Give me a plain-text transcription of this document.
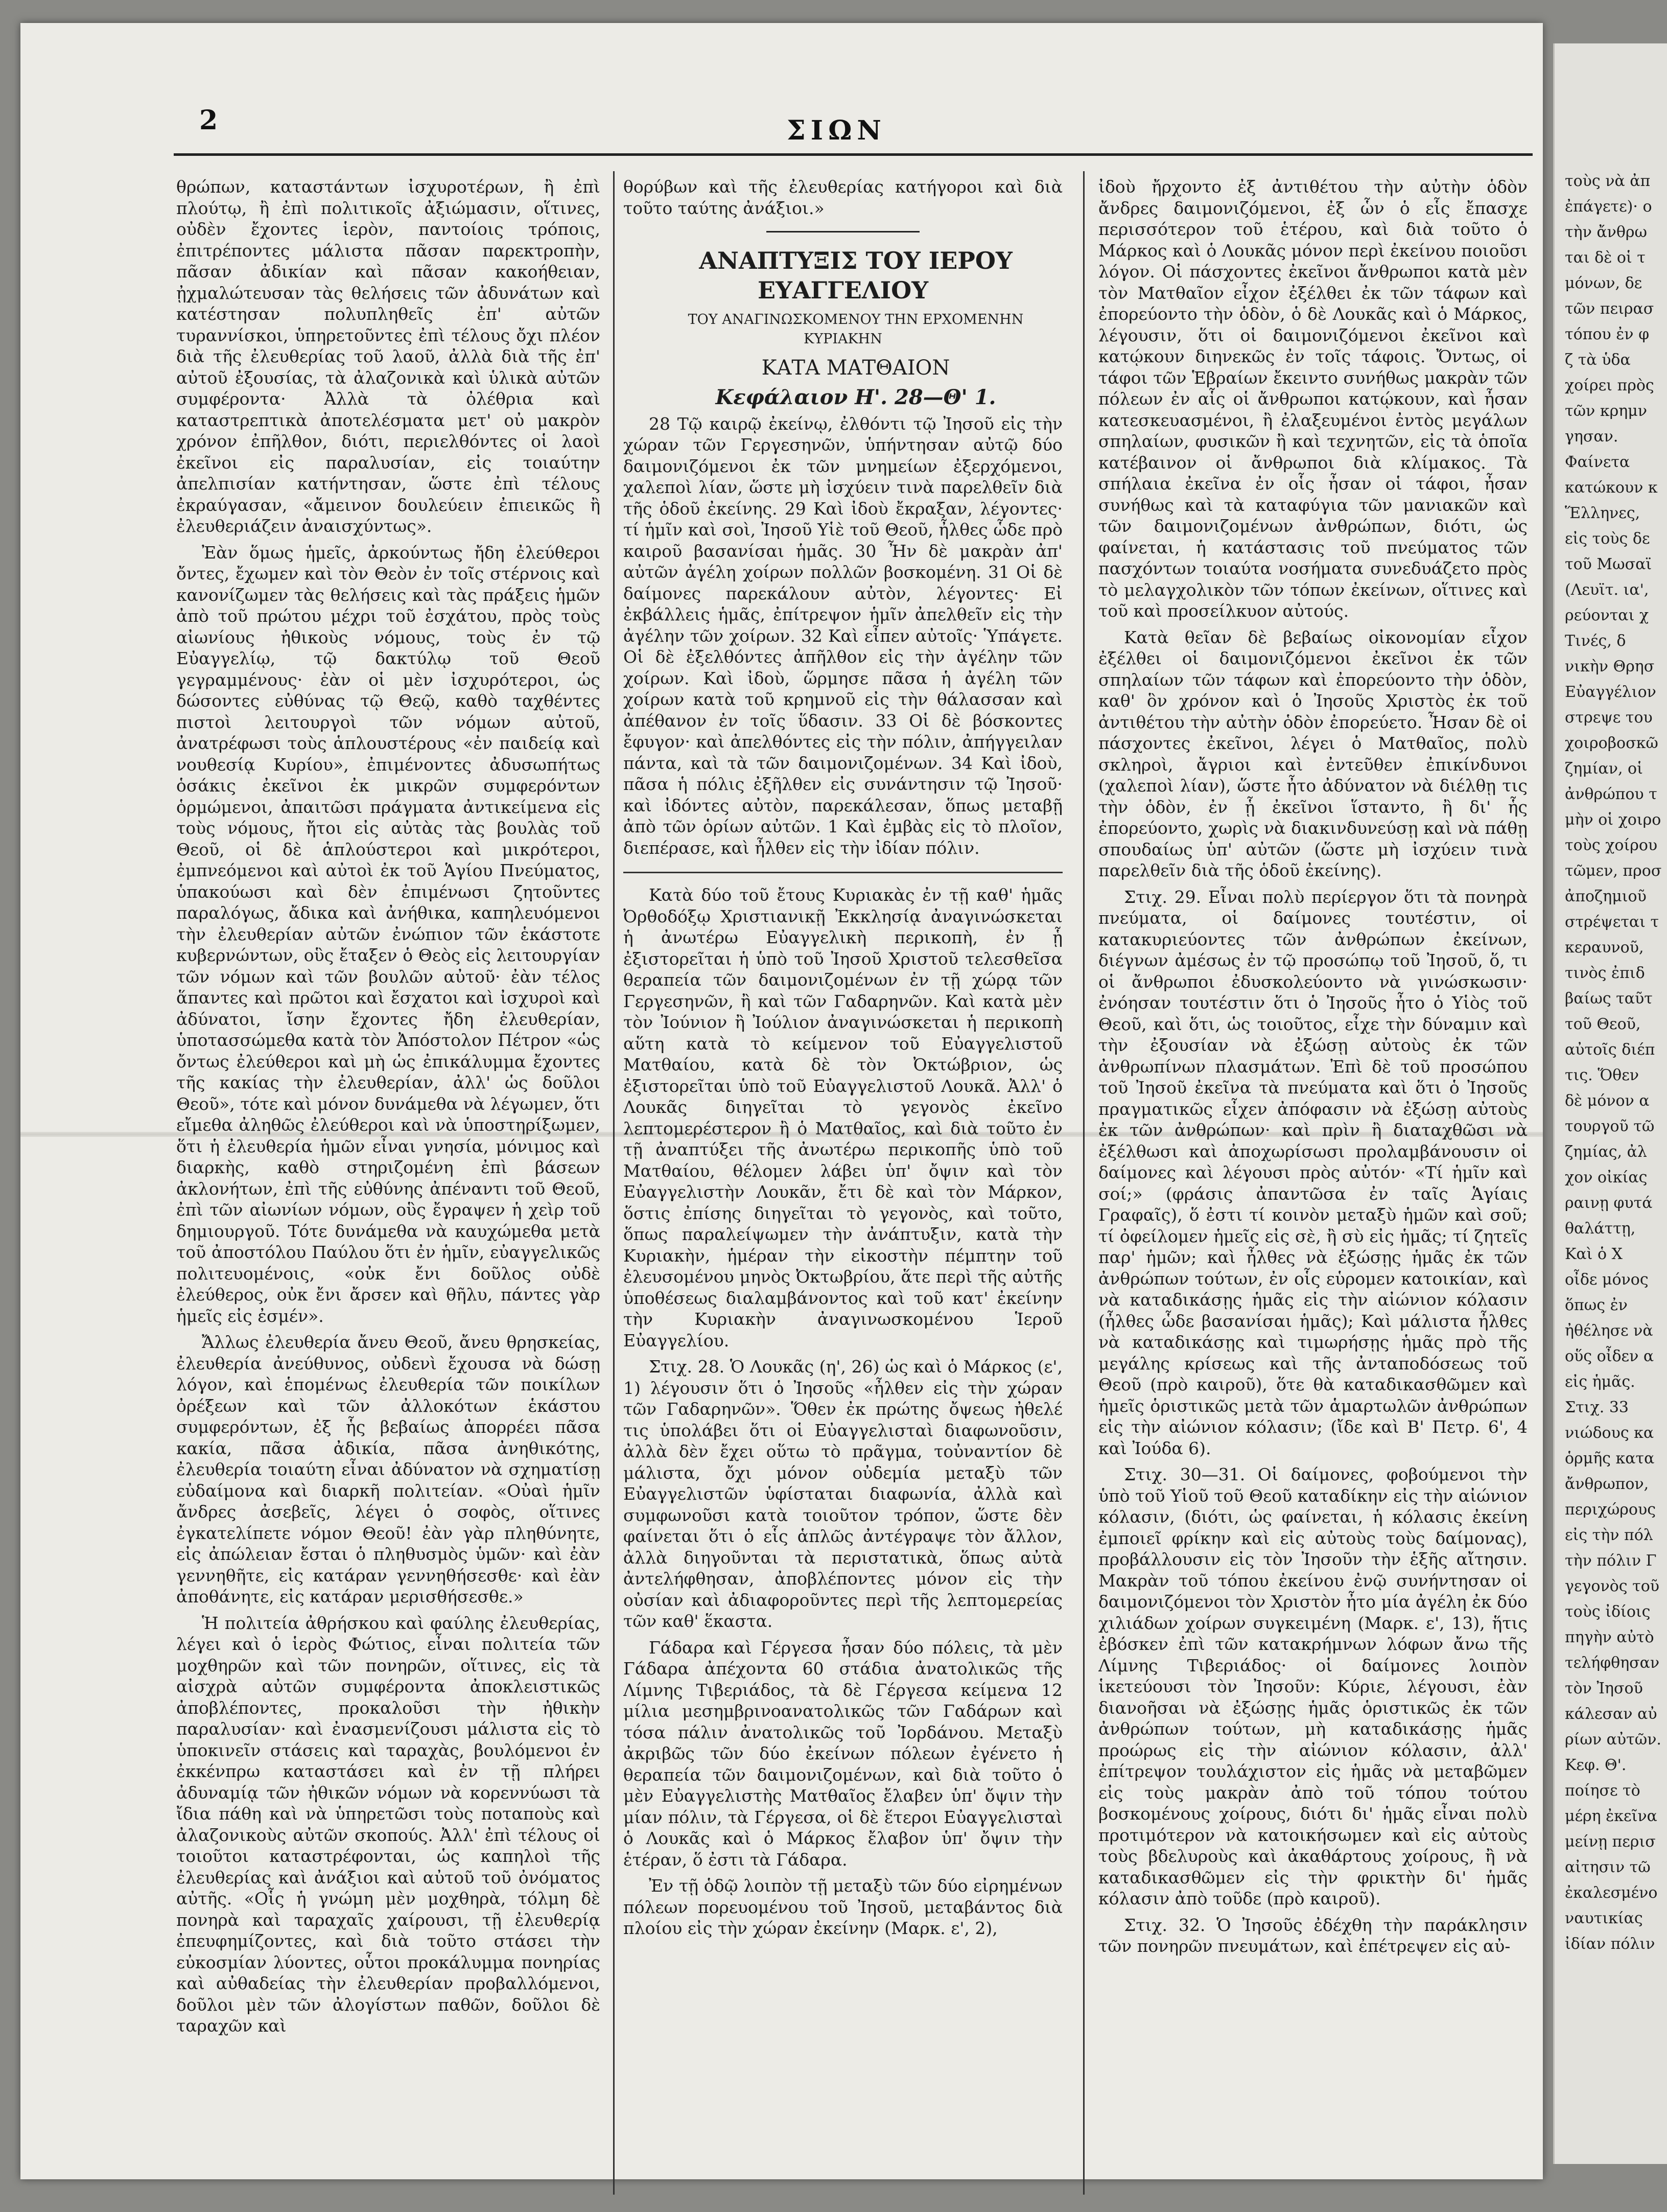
2	ΣΙΩΝ

θρώπων, καταστάντων ἰσχυροτέρων, ἢ ἐπὶ πλούτῳ, ἢ ἐπὶ πολιτικοῖς ἀξιώμασιν, οἵτινες, οὐδὲν ἔχοντες ἱερὸν, παντοίοις τρόποις, ἐπιτρέποντες μάλιστα πᾶσαν παρεκτροπὴν, πᾶσαν ἀδικίαν καὶ πᾶσαν κακοήθειαν, ᾐχμαλώτευσαν τὰς θελήσεις τῶν ἀδυνάτων καὶ κατέστησαν πολυπληθεῖς ἐπ' αὐτῶν τυραννίσκοι, ὑπηρετοῦντες ἐπὶ τέλους ὄχι πλέον διὰ τῆς ἐλευθερίας τοῦ λαοῦ, ἀλλὰ διὰ τῆς ἐπ' αὐτοῦ ἐξουσίας, τὰ ἀλαζονικὰ καὶ ὑλικὰ αὐτῶν συμφέροντα· Ἀλλὰ τὰ ὀλέθρια καὶ καταστρεπτικὰ ἀποτελέσματα μετ' οὐ μακρὸν χρόνον ἐπῆλθον, διότι, περιελθόντες οἱ λαοὶ ἐκεῖνοι εἰς παραλυσίαν, εἰς τοιαύτην ἀπελπισίαν κατήντησαν, ὥστε ἐπὶ τέλους ἐκραύγασαν, «ἄμεινον δουλεύειν ἐπιεικῶς ἢ ἐλευθεριάζειν ἀναισχύντως».

Ἐὰν ὅμως ἡμεῖς, ἀρκούντως ἤδη ἐλεύθεροι ὄντες, ἔχωμεν καὶ τὸν Θεὸν ἐν τοῖς στέρνοις καὶ κανονίζωμεν τὰς θελήσεις καὶ τὰς πράξεις ἡμῶν ἀπὸ τοῦ πρώτου μέχρι τοῦ ἐσχάτου, πρὸς τοὺς αἰωνίους ἠθικοὺς νόμους, τοὺς ἐν τῷ Εὐαγγελίῳ, τῷ δακτύλῳ τοῦ Θεοῦ γεγραμμένους· ἐὰν οἱ μὲν ἰσχυρότεροι, ὡς δώσοντες εὐθύνας τῷ Θεῷ, καθὸ ταχθέντες πιστοὶ λειτουργοὶ τῶν νόμων αὐτοῦ, ἀνατρέφωσι τοὺς ἁπλουστέρους «ἐν παιδείᾳ καὶ νουθεσίᾳ Κυρίου», ἐπιμένοντες ἀδυσωπήτως ὁσάκις ἐκεῖνοι ἐκ μικρῶν συμφερόντων ὁρμώμενοι, ἀπαιτῶσι πράγματα ἀντικείμενα εἰς τοὺς νόμους, ἤτοι εἰς αὐτὰς τὰς βουλὰς τοῦ Θεοῦ, οἱ δὲ ἁπλούστεροι καὶ μικρότεροι, ἐμπνεόμενοι καὶ αὐτοὶ ἐκ τοῦ Ἁγίου Πνεύματος, ὑπακούωσι καὶ δὲν ἐπιμένωσι ζητοῦντες παραλόγως, ἄδικα καὶ ἀνήθικα, καπηλευόμενοι τὴν ἐλευθερίαν αὐτῶν ἐνώπιον τῶν ἑκάστοτε κυβερνώντων, οὓς ἔταξεν ὁ Θεὸς εἰς λειτουργίαν τῶν νόμων καὶ τῶν βουλῶν αὐτοῦ· ἐὰν τέλος ἅπαντες καὶ πρῶτοι καὶ ἔσχατοι καὶ ἰσχυροὶ καὶ ἀδύνατοι, ἴσην ἔχοντες ἤδη ἐλευθερίαν, ὑποτασσώμεθα κατὰ τὸν Ἀπόστολον Πέτρον «ὡς ὄντως ἐλεύθεροι καὶ μὴ ὡς ἐπικάλυμμα ἔχοντες τῆς κακίας τὴν ἐλευθερίαν, ἀλλ' ὡς δοῦλοι Θεοῦ», τότε καὶ μόνον δυνάμεθα νὰ λέγωμεν, ὅτι εἴμεθα ἀληθῶς ἐλεύθεροι καὶ νὰ ὑποστηρίξωμεν, ὅτι ἡ ἐλευθερία ἡμῶν εἶναι γνησία, μόνιμος καὶ διαρκὴς, καθὸ στηριζομένη ἐπὶ βάσεων ἀκλονήτων, ἐπὶ τῆς εὐθύνης ἀπέναντι τοῦ Θεοῦ, ἐπὶ τῶν αἰωνίων νόμων, οὓς ἔγραψεν ἡ χεὶρ τοῦ δημιουργοῦ. Τότε δυνάμεθα νὰ καυχώμεθα μετὰ τοῦ ἀποστόλου Παύλου ὅτι ἐν ἡμῖν, εὐαγγελικῶς πολιτευομένοις, «οὐκ ἔνι δοῦλος οὐδὲ ἐλεύθερος, οὐκ ἔνι ἄρσεν καὶ θῆλυ, πάντες γὰρ ἡμεῖς εἰς ἐσμέν».

Ἄλλως ἐλευθερία ἄνευ Θεοῦ, ἄνευ θρησκείας, ἐλευθερία ἀνεύθυνος, οὐδενὶ ἔχουσα νὰ δώσῃ λόγον, καὶ ἑπομένως ἐλευθερία τῶν ποικίλων ὀρέξεων καὶ τῶν ἀλλοκότων ἑκάστου συμφερόντων, ἐξ ἧς βεβαίως ἀπορρέει πᾶσα κακία, πᾶσα ἀδικία, πᾶσα ἀνηθικότης, ἐλευθερία τοιαύτη εἶναι ἀδύνατον νὰ σχηματίσῃ εὐδαίμονα καὶ διαρκῆ πολιτείαν. «Οὐαὶ ἡμῖν ἄνδρες ἀσεβεῖς, λέγει ὁ σοφὸς, οἵτινες ἐγκατελίπετε νόμον Θεοῦ! ἐὰν γὰρ πληθύνητε, εἰς ἀπώλειαν ἔσται ὁ πληθυσμὸς ὑμῶν· καὶ ἐὰν γεννηθῆτε, εἰς κατάραν γεννηθήσεσθε· καὶ ἐὰν ἀποθάνητε, εἰς κατάραν μερισθήσεσθε.»

Ἡ πολιτεία ἀθρήσκου καὶ φαύλης ἐλευθερίας, λέγει καὶ ὁ ἱερὸς Φώτιος, εἶναι πολιτεία τῶν μοχθηρῶν καὶ τῶν πονηρῶν, οἵτινες, εἰς τὰ αἰσχρὰ αὐτῶν συμφέροντα ἀποκλειστικῶς ἀποβλέποντες, προκαλοῦσι τὴν ἠθικὴν παραλυσίαν· καὶ ἐνασμενίζουσι μάλιστα εἰς τὸ ὑποκινεῖν στάσεις καὶ ταραχὰς, βουλόμενοι ἐν ἐκκένπρω καταστάσει καὶ ἐν τῇ πλήρει ἀδυναμίᾳ τῶν ἠθικῶν νόμων νὰ κορεννύωσι τὰ ἴδια πάθη καὶ νὰ ὑπηρετῶσι τοὺς ποταποὺς καὶ ἀλαζονικοὺς αὐτῶν σκοπούς. Ἀλλ' ἐπὶ τέλους οἱ τοιοῦτοι καταστρέφονται, ὡς καπηλοὶ τῆς ἐλευθερίας καὶ ἀνάξιοι καὶ αὐτοῦ τοῦ ὀνόματος αὐτῆς. «Οἷς ἡ γνώμη μὲν μοχθηρὰ, τόλμη δὲ πονηρὰ καὶ ταραχαῖς χαίρουσι, τῇ ἐλευθερίᾳ ἐπευφημίζοντες, καὶ διὰ τοῦτο στάσει τὴν εὐκοσμίαν λύοντες, οὗτοι προκάλυμμα πονηρίας καὶ αὐθαδείας τὴν ἐλευθερίαν προβαλλόμενοι, δοῦλοι μὲν τῶν ἀλογίστων παθῶν, δοῦλοι δὲ ταραχῶν καὶ

θορύβων καὶ τῆς ἐλευθερίας κατήγοροι καὶ διὰ τοῦτο ταύτης ἀνάξιοι.»

ΑΝΑΠΤΥΞΙΣ ΤΟΥ ΙΕΡΟΥ ΕΥΑΓΓΕΛΙΟΥ

ΤΟΥ ΑΝΑΓΙΝΩΣΚΟΜΕΝΟΥ ΤΗΝ ΕΡΧΟΜΕΝΗΝ ΚΥΡΙΑΚΗΝ

ΚΑΤΑ ΜΑΤΘΑΙΟΝ

Κεφάλαιον Η'. 28—Θ' 1.

28 Τῷ καιρῷ ἐκείνῳ, ἐλθόντι τῷ Ἰησοῦ εἰς τὴν χώραν τῶν Γεργεσηνῶν, ὑπήντησαν αὐτῷ δύο δαιμονιζόμενοι ἐκ τῶν μνημείων ἐξερχόμενοι, χαλεποὶ λίαν, ὥστε μὴ ἰσχύειν τινὰ παρελθεῖν διὰ τῆς ὁδοῦ ἐκείνης. 29 Καὶ ἰδοὺ ἔκραξαν, λέγοντες· τί ἡμῖν καὶ σοὶ, Ἰησοῦ Υἱὲ τοῦ Θεοῦ, ἦλθες ὧδε πρὸ καιροῦ βασανίσαι ἡμᾶς. 30 Ἦν δὲ μακρὰν ἀπ' αὐτῶν ἀγέλη χοίρων πολλῶν βοσκομένη. 31 Οἱ δὲ δαίμονες παρεκάλουν αὐτὸν, λέγοντες· Εἰ ἐκβάλλεις ἡμᾶς, ἐπίτρεψον ἡμῖν ἀπελθεῖν εἰς τὴν ἀγέλην τῶν χοίρων. 32 Καὶ εἶπεν αὐτοῖς· Ὑπάγετε. Οἱ δὲ ἐξελθόντες ἀπῆλθον εἰς τὴν ἀγέλην τῶν χοίρων. Καὶ ἰδοὺ, ὥρμησε πᾶσα ἡ ἀγέλη τῶν χοίρων κατὰ τοῦ κρημνοῦ εἰς τὴν θάλασσαν καὶ ἀπέθανον ἐν τοῖς ὕδασιν. 33 Οἱ δὲ βόσκοντες ἔφυγον· καὶ ἀπελθόντες εἰς τὴν πόλιν, ἀπήγγειλαν πάντα, καὶ τὰ τῶν δαιμονιζομένων. 34 Καὶ ἰδοὺ, πᾶσα ἡ πόλις ἐξῆλθεν εἰς συνάντησιν τῷ Ἰησοῦ· καὶ ἰδόντες αὐτὸν, παρεκάλεσαν, ὅπως μεταβῇ ἀπὸ τῶν ὁρίων αὐτῶν. 1 Καὶ ἐμβὰς εἰς τὸ πλοῖον, διεπέρασε, καὶ ἦλθεν εἰς τὴν ἰδίαν πόλιν.

Κατὰ δύο τοῦ ἔτους Κυριακὰς ἐν τῇ καθ' ἡμᾶς Ὀρθοδόξῳ Χριστιανικῇ Ἐκκλησίᾳ ἀναγινώσκεται ἡ ἀνωτέρω Εὐαγγελικὴ περικοπὴ, ἐν ᾗ ἐξιστορεῖται ἡ ὑπὸ τοῦ Ἰησοῦ Χριστοῦ τελεσθεῖσα θεραπεία τῶν δαιμονιζομένων ἐν τῇ χώρᾳ τῶν Γεργεσηνῶν, ἢ καὶ τῶν Γαδαρηνῶν. Καὶ κατὰ μὲν τὸν Ἰούνιον ἢ Ἰούλιον ἀναγινώσκεται ἡ περικοπὴ αὕτη κατὰ τὸ κείμενον τοῦ Εὐαγγελιστοῦ Ματθαίου, κατὰ δὲ τὸν Ὀκτώβριον, ὡς ἐξιστορεῖται ὑπὸ τοῦ Εὐαγγελιστοῦ Λουκᾶ. Ἀλλ' ὁ Λουκᾶς διηγεῖται τὸ γεγονὸς ἐκεῖνο λεπτομερέστερον ἢ ὁ Ματθαῖος, καὶ διὰ τοῦτο ἐν τῇ ἀναπτύξει τῆς ἀνωτέρω περικοπῆς ὑπὸ τοῦ Ματθαίου, θέλομεν λάβει ὑπ' ὄψιν καὶ τὸν Εὐαγγελιστὴν Λουκᾶν, ἔτι δὲ καὶ τὸν Μάρκον, ὅστις ἐπίσης διηγεῖται τὸ γεγονὸς, καὶ τοῦτο, ὅπως παραλείψωμεν τὴν ἀνάπτυξιν, κατὰ τὴν Κυριακὴν, ἡμέραν τὴν εἰκοστὴν πέμπτην τοῦ ἐλευσομένου μηνὸς Ὀκτωβρίου, ἅτε περὶ τῆς αὐτῆς ὑποθέσεως διαλαμβάνοντος καὶ τοῦ κατ' ἐκείνην τὴν Κυριακὴν ἀναγινωσκομένου Ἱεροῦ Εὐαγγελίου.

Στιχ. 28. Ὁ Λουκᾶς (η', 26) ὡς καὶ ὁ Μάρκος (ε', 1) λέγουσιν ὅτι ὁ Ἰησοῦς «ἦλθεν εἰς τὴν χώραν τῶν Γαδαρηνῶν». Ὅθεν ἐκ πρώτης ὄψεως ἠθελέ τις ὑπολάβει ὅτι οἱ Εὐαγγελισταὶ διαφωνοῦσιν, ἀλλὰ δὲν ἔχει οὕτω τὸ πρᾶγμα, τοὐναντίον δὲ μάλιστα, ὄχι μόνον οὐδεμία μεταξὺ τῶν Εὐαγγελιστῶν ὑφίσταται διαφωνία, ἀλλὰ καὶ συμφωνοῦσι κατὰ τοιοῦτον τρόπον, ὥστε δὲν φαίνεται ὅτι ὁ εἷς ἁπλῶς ἀντέγραψε τὸν ἄλλον, ἀλλὰ διηγοῦνται τὰ περιστατικὰ, ὅπως αὐτὰ ἀντελήφθησαν, ἀποβλέποντες μόνον εἰς τὴν οὐσίαν καὶ ἀδιαφοροῦντες περὶ τῆς λεπτομερείας τῶν καθ' ἕκαστα.

Γάδαρα καὶ Γέργεσα ἦσαν δύο πόλεις, τὰ μὲν Γάδαρα ἀπέχοντα 60 στάδια ἀνατολικῶς τῆς Λίμνης Τιβεριάδος, τὰ δὲ Γέργεσα κείμενα 12 μίλια μεσημβρινοανατολικῶς τῶν Γαδάρων καὶ τόσα πάλιν ἀνατολικῶς τοῦ Ἰορδάνου. Μεταξὺ ἀκριβῶς τῶν δύο ἐκείνων πόλεων ἐγένετο ἡ θεραπεία τῶν δαιμονιζομένων, καὶ διὰ τοῦτο ὁ μὲν Εὐαγγελιστὴς Ματθαῖος ἔλαβεν ὑπ' ὄψιν τὴν μίαν πόλιν, τὰ Γέργεσα, οἱ δὲ ἕτεροι Εὐαγγελισταὶ ὁ Λουκᾶς καὶ ὁ Μάρκος ἔλαβον ὑπ' ὄψιν τὴν ἑτέραν, ὅ ἐστι τὰ Γάδαρα.

Ἐν τῇ ὁδῷ λοιπὸν τῇ μεταξὺ τῶν δύο εἰρημένων πόλεων πορευομένου τοῦ Ἰησοῦ, μεταβάντος διὰ πλοίου εἰς τὴν χώραν ἐκείνην (Μαρκ. ε', 2),

ἰδοὺ ἤρχοντο ἐξ ἀντιθέτου τὴν αὐτὴν ὁδὸν ἄνδρες δαιμονιζόμενοι, ἐξ ὧν ὁ εἷς ἔπασχε περισσότερον τοῦ ἑτέρου, καὶ διὰ τοῦτο ὁ Μάρκος καὶ ὁ Λουκᾶς μόνον περὶ ἐκείνου ποιοῦσι λόγον. Οἱ πάσχοντες ἐκεῖνοι ἄνθρωποι κατὰ μὲν τὸν Ματθαῖον εἶχον ἐξέλθει ἐκ τῶν τάφων καὶ ἐπορεύοντο τὴν ὁδὸν, ὁ δὲ Λουκᾶς καὶ ὁ Μάρκος, λέγουσιν, ὅτι οἱ δαιμονιζόμενοι ἐκεῖνοι καὶ κατῴκουν διηνεκῶς ἐν τοῖς τάφοις. Ὄντως, οἱ τάφοι τῶν Ἑβραίων ἔκειντο συνήθως μακρὰν τῶν πόλεων ἐν αἷς οἱ ἄνθρωποι κατῴκουν, καὶ ἦσαν κατεσκευασμένοι, ἢ ἐλαξευμένοι ἐντὸς μεγάλων σπηλαίων, φυσικῶν ἢ καὶ τεχνητῶν, εἰς τὰ ὁποῖα κατέβαινον οἱ ἄνθρωποι διὰ κλίμακος. Τὰ σπήλαια ἐκεῖνα ἐν οἷς ἦσαν οἱ τάφοι, ἦσαν συνήθως καὶ τὰ καταφύγια τῶν μανιακῶν καὶ τῶν δαιμονιζομένων ἀνθρώπων, διότι, ὡς φαίνεται, ἡ κατάστασις τοῦ πνεύματος τῶν πασχόντων τοιαύτα νοσήματα συνεδυάζετο πρὸς τὸ μελαγχολικὸν τῶν τόπων ἐκείνων, οἵτινες καὶ τοῦ καὶ προσείλκυον αὐτούς.

Κατὰ θεῖαν δὲ βεβαίως οἰκονομίαν εἶχον ἐξέλθει οἱ δαιμονιζόμενοι ἐκεῖνοι ἐκ τῶν σπηλαίων τῶν τάφων καὶ ἐπορεύοντο τὴν ὁδὸν, καθ' ὃν χρόνον καὶ ὁ Ἰησοῦς Χριστὸς ἐκ τοῦ ἀντιθέτου τὴν αὐτὴν ὁδὸν ἐπορεύετο. Ἦσαν δὲ οἱ πάσχοντες ἐκεῖνοι, λέγει ὁ Ματθαῖος, πολὺ σκληροὶ, ἄγριοι καὶ ἐντεῦθεν ἐπικίνδυνοι (χαλεποὶ λίαν), ὥστε ἦτο ἀδύνατον νὰ διέλθῃ τις τὴν ὁδὸν, ἐν ᾗ ἐκεῖνοι ἵσταντο, ἢ δι' ἧς ἐπορεύοντο, χωρὶς νὰ διακινδυνεύσῃ καὶ νὰ πάθῃ σπουδαίως ὑπ' αὐτῶν (ὥστε μὴ ἰσχύειν τινὰ παρελθεῖν διὰ τῆς ὁδοῦ ἐκείνης).

Στιχ. 29. Εἶναι πολὺ περίεργον ὅτι τὰ πονηρὰ πνεύματα, οἱ δαίμονες τουτέστιν, οἱ κατακυριεύοντες τῶν ἀνθρώπων ἐκείνων, διέγνων ἀμέσως ἐν τῷ προσώπῳ τοῦ Ἰησοῦ, ὅ, τι οἱ ἄνθρωποι ἐδυσκολεύοντο νὰ γινώσκωσιν· ἐνόησαν τουτέστιν ὅτι ὁ Ἰησοῦς ἦτο ὁ Υἱὸς τοῦ Θεοῦ, καὶ ὅτι, ὡς τοιοῦτος, εἶχε τὴν δύναμιν καὶ τὴν ἐξουσίαν νὰ ἐξώσῃ αὐτοὺς ἐκ τῶν ἀνθρωπίνων πλασμάτων. Ἐπὶ δὲ τοῦ προσώπου τοῦ Ἰησοῦ ἐκεῖνα τὰ πνεύματα καὶ ὅτι ὁ Ἰησοῦς πραγματικῶς εἶχεν ἀπόφασιν νὰ ἐξώσῃ αὐτοὺς ἐκ τῶν ἀνθρώπων· καὶ πρὶν ἢ διαταχθῶσι νὰ ἐξέλθωσι καὶ ἀποχωρίσωσι προλαμβάνουσιν οἱ δαίμονες καὶ λέγουσι πρὸς αὐτόν· «Τί ἡμῖν καὶ σοί;» (φράσις ἀπαντῶσα ἐν ταῖς Ἁγίαις Γραφαῖς), ὅ ἐστι τί κοινὸν μεταξὺ ἡμῶν καὶ σοῦ; τί ὀφείλομεν ἡμεῖς εἰς σὲ, ἢ σὺ εἰς ἡμᾶς; τί ζητεῖς παρ' ἡμῶν; καὶ ἦλθες νὰ ἐξώσῃς ἡμᾶς ἐκ τῶν ἀνθρώπων τούτων, ἐν οἷς εὑρομεν κατοικίαν, καὶ νὰ καταδικάσῃς ἡμᾶς εἰς τὴν αἰώνιον κόλασιν (ἦλθες ὧδε βασανίσαι ἡμᾶς); Καὶ μάλιστα ἦλθες νὰ καταδικάσῃς καὶ τιμωρήσῃς ἡμᾶς πρὸ τῆς μεγάλης κρίσεως καὶ τῆς ἀνταποδόσεως τοῦ Θεοῦ (πρὸ καιροῦ), ὅτε θὰ καταδικασθῶμεν καὶ ἡμεῖς ὁριστικῶς μετὰ τῶν ἁμαρτωλῶν ἀνθρώπων εἰς τὴν αἰώνιον κόλασιν; (ἴδε καὶ Β' Πετρ. 6', 4 καὶ Ἰούδα 6).

Στιχ. 30—31. Οἱ δαίμονες, φοβούμενοι τὴν ὑπὸ τοῦ Υἱοῦ τοῦ Θεοῦ καταδίκην εἰς τὴν αἰώνιον κόλασιν, (διότι, ὡς φαίνεται, ἡ κόλασις ἐκείνη ἐμποιεῖ φρίκην καὶ εἰς αὐτοὺς τοὺς δαίμονας), προβάλλουσιν εἰς τὸν Ἰησοῦν τὴν ἑξῆς αἴτησιν. Μακρὰν τοῦ τόπου ἐκείνου ἐνῷ συνήντησαν οἱ δαιμονιζόμενοι τὸν Χριστὸν ἦτο μία ἀγέλη ἐκ δύο χιλιάδων χοίρων συγκειμένη (Μαρκ. ε', 13), ἥτις ἐβόσκεν ἐπὶ τῶν κατακρήμνων λόφων ἄνω τῆς Λίμνης Τιβεριάδος· οἱ δαίμονες λοιπὸν ἱκετεύουσι τὸν Ἰησοῦν: Κύριε, λέγουσι, ἐὰν διανοῆσαι νὰ ἐξώσῃς ἡμᾶς ὁριστικῶς ἐκ τῶν ἀνθρώπων τούτων, μὴ καταδικάσῃς ἡμᾶς προώρως εἰς τὴν αἰώνιον κόλασιν, ἀλλ' ἐπίτρεψον τουλάχιστον εἰς ἡμᾶς νὰ μεταβῶμεν εἰς τοὺς μακρὰν ἀπὸ τοῦ τόπου τούτου βοσκομένους χοίρους, διότι δι' ἡμᾶς εἶναι πολὺ προτιμότερον νὰ κατοικήσωμεν καὶ εἰς αὐτοὺς τοὺς βδελυροὺς καὶ ἀκαθάρτους χοίρους, ἢ νὰ καταδικασθῶμεν εἰς τὴν φρικτὴν δι' ἡμᾶς κόλασιν ἀπὸ τοῦδε (πρὸ καιροῦ).

Στιχ. 32. Ὁ Ἰησοῦς ἐδέχθη τὴν παράκλησιν τῶν πονηρῶν πνευμάτων, καὶ ἐπέτρεψεν εἰς αὐ-

τοὺς νὰ ἀπ

ἐπάγετε)· ο

τὴν ἄνθρω

ται δὲ οἱ τ

μόνων, δε

τῶν πειρασ

τόπου ἐν φ

ζ τὰ ὑδα

χοίρει πρὸς

τῶν κρημν

γησαν.

Φαίνετα

κατώκουν κ

Ἕλληνες,

εἰς τοὺς δε

τοῦ Μωσαϊ

(Λευϊτ. ια',

ρεύονται χ

Τινές, δ

νικὴν Θρησ

Εὐαγγέλιον

στρεψε του

χοιροβοσκῶ

ζημίαν, οἱ

ἀνθρώπου τ

μὴν οἱ χοιρο

τοὺς χοίρου

τῶμεν, προσ

ἀποζημιοῦ

στρέψεται τ

κεραυνοῦ,

τινὸς ἐπιδ

βαίως ταῦτ

τοῦ Θεοῦ,

αὐτοῖς διέπ

τις. Ὅθεν

δὲ μόνον α

τουργοῦ τῶ

ζημίας, ἀλ

χον οἰκίας

ραινῃ φυτά

θαλάττῃ,

Καὶ ὁ Χ

οἶδε μόνος

ὅπως ἐν

ἠθέλησε νὰ

οὕς οἶδεν α

εἰς ἡμᾶς.

Στιχ. 33

νιώδους κα

ὁρμῆς κατα

ἄνθρωπον,

περιχώρους

εἰς τὴν πόλ

τὴν πόλιν Γ

γεγονὸς τοῦ

τοὺς ἰδίοις

πηγὴν αὐτὸ

τελήφθησαν

τὸν Ἰησοῦ

κάλεσαν αὐ

ρίων αὐτῶν.

Κεφ. Θ'.

ποίησε τὸ

μέρη ἐκεῖνα

μείνῃ περισ

αἰτησιν τῶ

ἐκαλεσμένο

ναυτικίας

ἰδίαν πόλιν
